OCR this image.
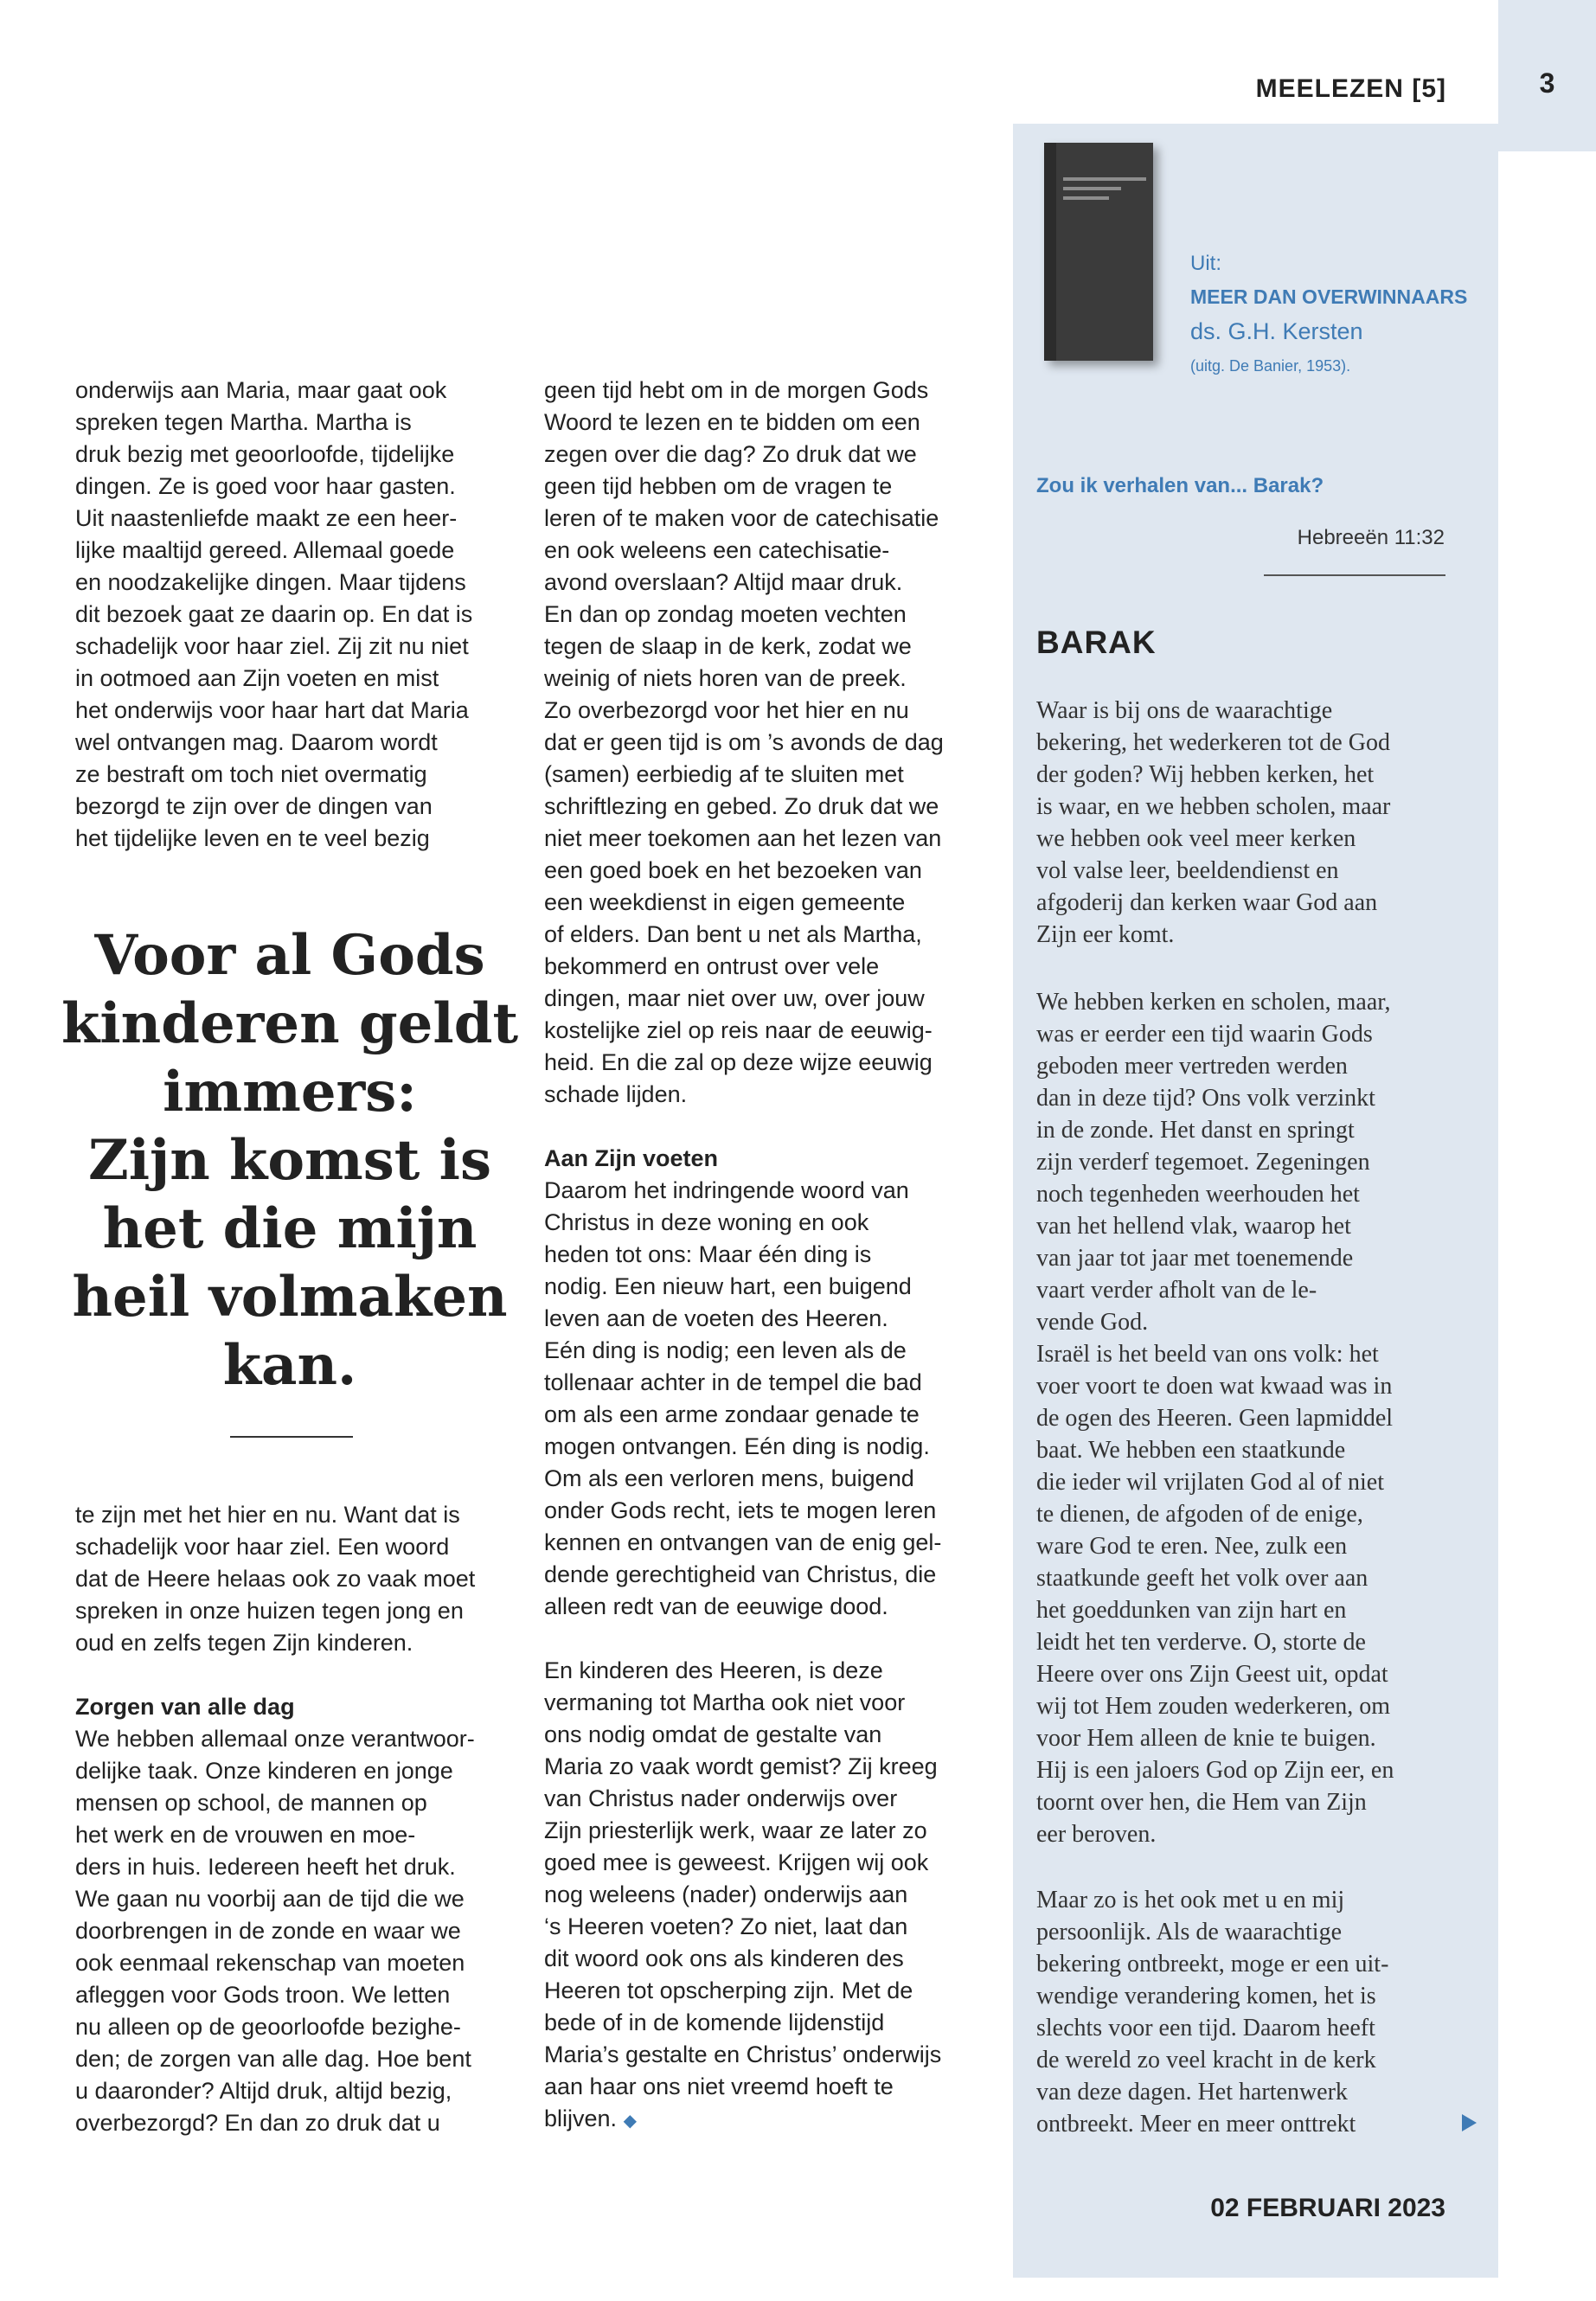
3
MEELEZEN [5]
Uit:
MEER DAN OVERWINNAARS
ds. G.H. Kersten
(uitg. De Banier, 1953).
Zou ik verhalen van... Barak?
Hebreeën 11:32
BARAK
Waar is bij ons de waarachtige
bekering, het wederkeren tot de God
der goden? Wij hebben kerken, het
is waar, en we hebben scholen, maar
we hebben ook veel meer kerken
vol valse leer, beeldendienst en
afgoderij dan kerken waar God aan
Zijn eer komt.
We hebben kerken en scholen, maar,
was er eerder een tijd waarin Gods
geboden meer vertreden werden
dan in deze tijd? Ons volk verzinkt
in de zonde. Het danst en springt
zijn verderf tegemoet. Zegeningen
noch tegenheden weerhouden het
van het hellend vlak, waarop het
van jaar tot jaar met toenemende
vaart verder afholt van de le-
vende God.
Israël is het beeld van ons volk: het
voer voort te doen wat kwaad was in
de ogen des Heeren. Geen lapmiddel
baat. We hebben een staatkunde
die ieder wil vrijlaten God al of niet
te dienen, de afgoden of de enige,
ware God te eren. Nee, zulk een
staatkunde geeft het volk over aan
het goeddunken van zijn hart en
leidt het ten verderve. O, storte de
Heere over ons Zijn Geest uit, opdat
wij tot Hem zouden wederkeren, om
voor Hem alleen de knie te buigen.
Hij is een jaloers God op Zijn eer, en
toornt over hen, die Hem van Zijn
eer beroven.
Maar zo is het ook met u en mij
persoonlijk. Als de waarachtige
bekering ontbreekt, moge er een uit-
wendige verandering komen, het is
slechts voor een tijd. Daarom heeft
de wereld zo veel kracht in de kerk
van deze dagen. Het hartenwerk
ontbreekt. Meer en meer onttrekt
onderwijs aan Maria, maar gaat ook
spreken tegen Martha. Martha is
druk bezig met geoorloofde, tijdelijke
dingen. Ze is goed voor haar gasten.
Uit naastenliefde maakt ze een heer-
lijke maaltijd gereed. Allemaal goede
en noodzakelijke dingen. Maar tijdens
dit bezoek gaat ze daarin op. En dat is
schadelijk voor haar ziel. Zij zit nu niet
in ootmoed aan Zijn voeten en mist
het onderwijs voor haar hart dat Maria
wel ontvangen mag. Daarom wordt
ze bestraft om toch niet overmatig
bezorgd te zijn over de dingen van
het tijdelijke leven en te veel bezig
Voor al Gods
kinderen geldt
immers:
Zijn komst is
het die mijn
heil volmaken
kan.
te zijn met het hier en nu. Want dat is
schadelijk voor haar ziel. Een woord
dat de Heere helaas ook zo vaak moet
spreken in onze huizen tegen jong en
oud en zelfs tegen Zijn kinderen.

Zorgen van alle dag
We hebben allemaal onze verantwoor-
delijke taak. Onze kinderen en jonge
mensen op school, de mannen op
het werk en de vrouwen en moe-
ders in huis. Iedereen heeft het druk.
We gaan nu voorbij aan de tijd die we
doorbrengen in de zonde en waar we
ook eenmaal rekenschap van moeten
afleggen voor Gods troon. We letten
nu alleen op de geoorloofde bezighe-
den; de zorgen van alle dag. Hoe bent
u daaronder? Altijd druk, altijd bezig,
overbezorgd? En dan zo druk dat u
geen tijd hebt om in de morgen Gods
Woord te lezen en te bidden om een
zegen over die dag? Zo druk dat we
geen tijd hebben om de vragen te
leren of te maken voor de catechisatie
en ook weleens een catechisatie-
avond overslaan? Altijd maar druk.
En dan op zondag moeten vechten
tegen de slaap in de kerk, zodat we
weinig of niets horen van de preek.
Zo overbezorgd voor het hier en nu
dat er geen tijd is om ’s avonds de dag
(samen) eerbiedig af te sluiten met
schriftlezing en gebed. Zo druk dat we
niet meer toekomen aan het lezen van
een goed boek en het bezoeken van
een weekdienst in eigen gemeente
of elders. Dan bent u net als Martha,
bekommerd en ontrust over vele
dingen, maar niet over uw, over jouw
kostelijke ziel op reis naar de eeuwig-
heid. En die zal op deze wijze eeuwig
schade lijden.

Aan Zijn voeten
Daarom het indringende woord van
Christus in deze woning en ook
heden tot ons: Maar één ding is
nodig. Een nieuw hart, een buigend
leven aan de voeten des Heeren.
Eén ding is nodig; een leven als de
tollenaar achter in de tempel die bad
om als een arme zondaar genade te
mogen ontvangen. Eén ding is nodig.
Om als een verloren mens, buigend
onder Gods recht, iets te mogen leren
kennen en ontvangen van de enig gel-
dende gerechtigheid van Christus, die
alleen redt van de eeuwige dood.

En kinderen des Heeren, is deze
vermaning tot Martha ook niet voor
ons nodig omdat de gestalte van
Maria zo vaak wordt gemist? Zij kreeg
van Christus nader onderwijs over
Zijn priesterlijk werk, waar ze later zo
goed mee is geweest. Krijgen wij ook
nog weleens (nader) onderwijs aan
‘s Heeren voeten? Zo niet, laat dan
dit woord ook ons als kinderen des
Heeren tot opscherping zijn. Met de
bede of in de komende lijdenstijd
Maria’s gestalte en Christus’ onderwijs
aan haar ons niet vreemd hoeft te
blijven. ◆
02 FEBRUARI 2023
